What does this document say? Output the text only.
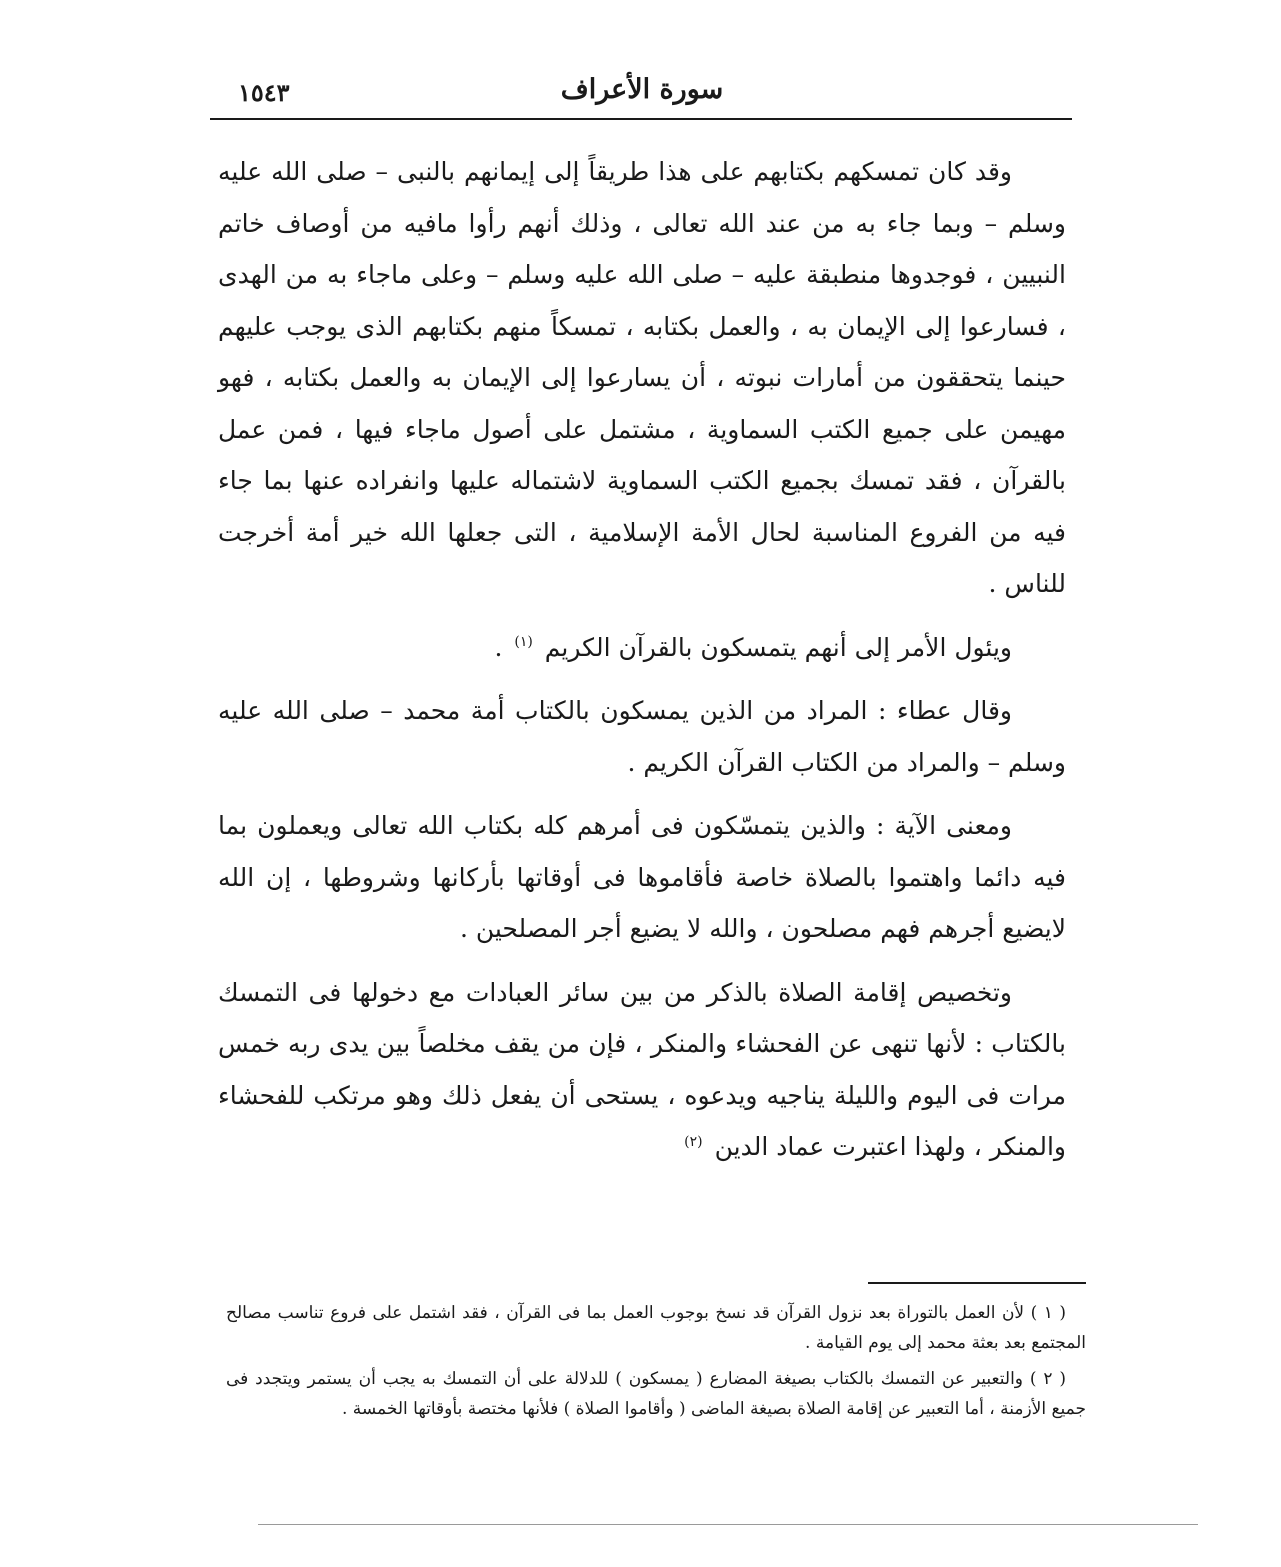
سورة الأعراف
١٥٤٣

وقد كان تمسكهم بكتابهم على هذا طريقاً إلى إيمانهم بالنبى – صلى الله عليه وسلم – وبما جاء به من عند الله تعالى ، وذلك أنهم رأوا مافيه من أوصاف خاتم النبيين ، فوجدوها منطبقة عليه – صلى الله عليه وسلم – وعلى ماجاء به من الهدى ، فسارعوا إلى الإيمان به ، والعمل بكتابه ، تمسكاً منهم بكتابهم الذى يوجب عليهم حينما يتحققون من أمارات نبوته ، أن يسارعوا إلى الإيمان به والعمل بكتابه ، فهو مهيمن على جميع الكتب السماوية ، مشتمل على أصول ماجاء فيها ، فمن عمل بالقرآن ، فقد تمسك بجميع الكتب السماوية لاشتماله عليها وانفراده عنها بما جاء فيه من الفروع المناسبة لحال الأمة الإسلامية ، التى جعلها الله خير أمة أخرجت للناس .

ويئول الأمر إلى أنهم يتمسكون بالقرآن الكريم $^{(١)}$ .

وقال عطاء : المراد من الذين يمسكون بالكتاب أمة محمد – صلى الله عليه وسلم – والمراد من الكتاب القرآن الكريم .

ومعنى الآية : والذين يتمسّكون فى أمرهم كله بكتاب الله تعالى ويعملون بما فيه دائما واهتموا بالصلاة خاصة فأقاموها فى أوقاتها بأركانها وشروطها ، إن الله لايضيع أجرهم فهم مصلحون ، والله لا يضيع أجر المصلحين .

وتخصيص إقامة الصلاة بالذكر من بين سائر العبادات مع دخولها فى التمسك بالكتاب : لأنها تنهى عن الفحشاء والمنكر ، فإن من يقف مخلصاً بين يدى ربه خمس مرات فى اليوم والليلة يناجيه ويدعوه ، يستحى أن يفعل ذلك وهو مرتكب للفحشاء والمنكر ، ولهذا اعتبرت عماد الدين $^{(٢)}$

( ١ ) لأن العمل بالتوراة بعد نزول القرآن قد نسخ بوجوب العمل بما فى القرآن ، فقد اشتمل على فروع تناسب مصالح المجتمع بعد بعثة محمد إلى يوم القيامة .

( ٢ ) والتعبير عن التمسك بالكتاب بصيغة المضارع ( يمسكون ) للدلالة على أن التمسك به يجب أن يستمر ويتجدد فى جميع الأزمنة ، أما التعبير عن إقامة الصلاة بصيغة الماضى ( وأقاموا الصلاة ) فلأنها مختصة بأوقاتها الخمسة .
